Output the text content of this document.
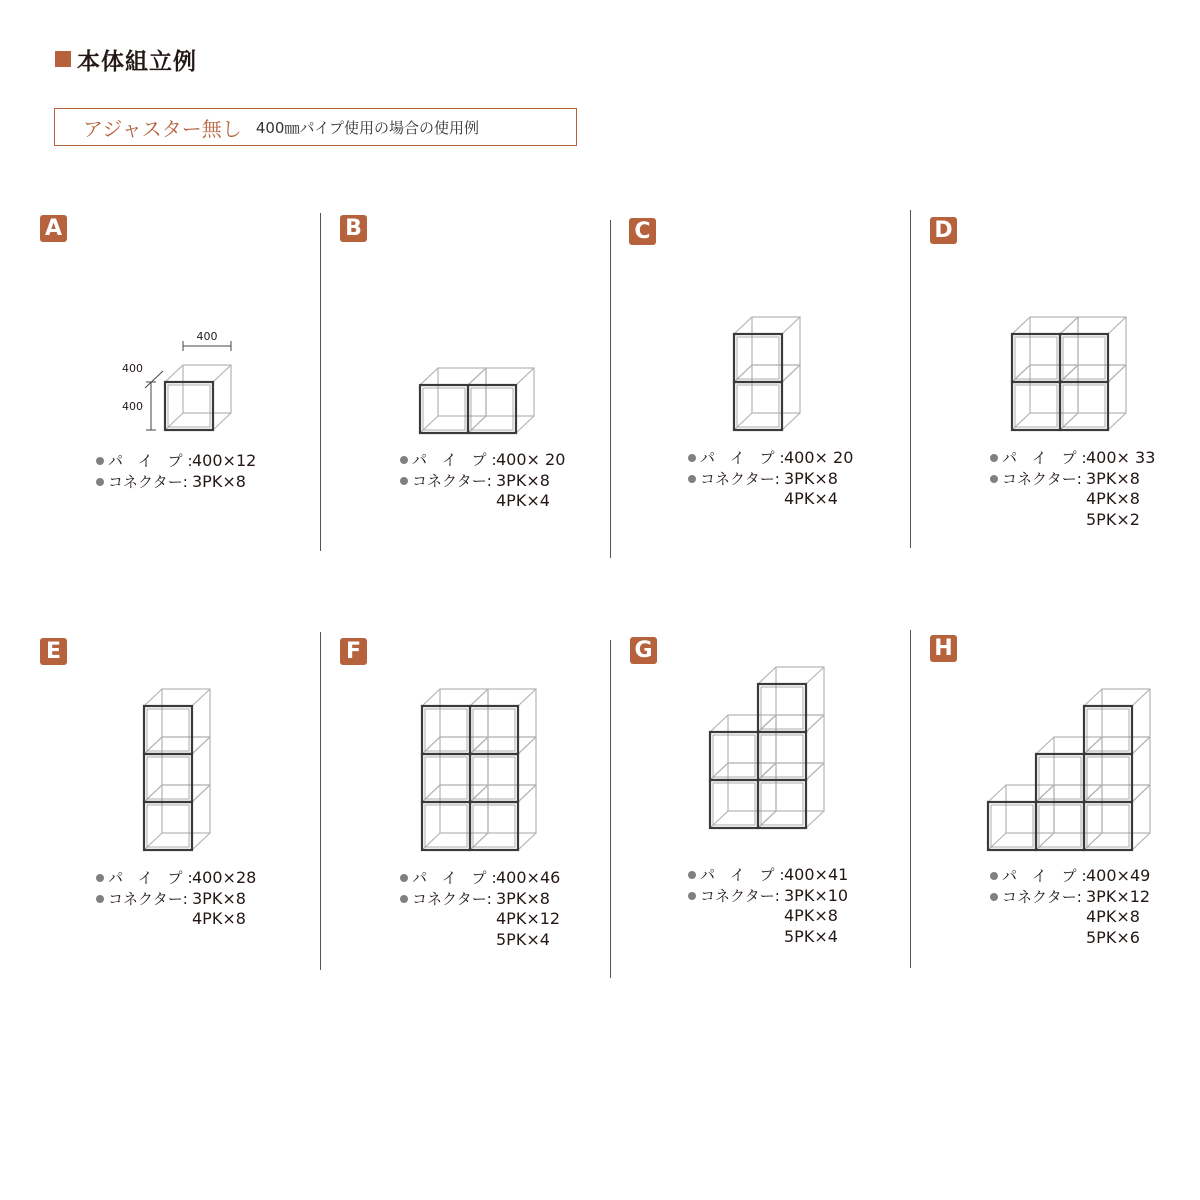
本体組立例
アジャスター無し 400㎜パイプ使用の場合の使用例
A
400
400
400
パ イ プ:
400×12
コネクター: 3PK×8
B
パ イ プ:
400× 20
コネクター: 3PK×8
4PK×4
C
パ イ プ:
400× 20
コネクター: 3PK×8
4PK×4
D
パ イ プ:
400× 33
コネクター: 3PK×8
4PK×8
5PK×2
E
パ イ プ:
400×28
コネクター: 3PK×8
4PK×8
F
パ イ プ:
400×46
コネクター: 3PK×8
4PK×12
5PK×4
G
パ イ プ:
400×41
コネクター: 3PK×10
4PK×8
5PK×4
H
パ イ プ:
400×49
コネクター: 3PK×12
4PK×8
5PK×6
